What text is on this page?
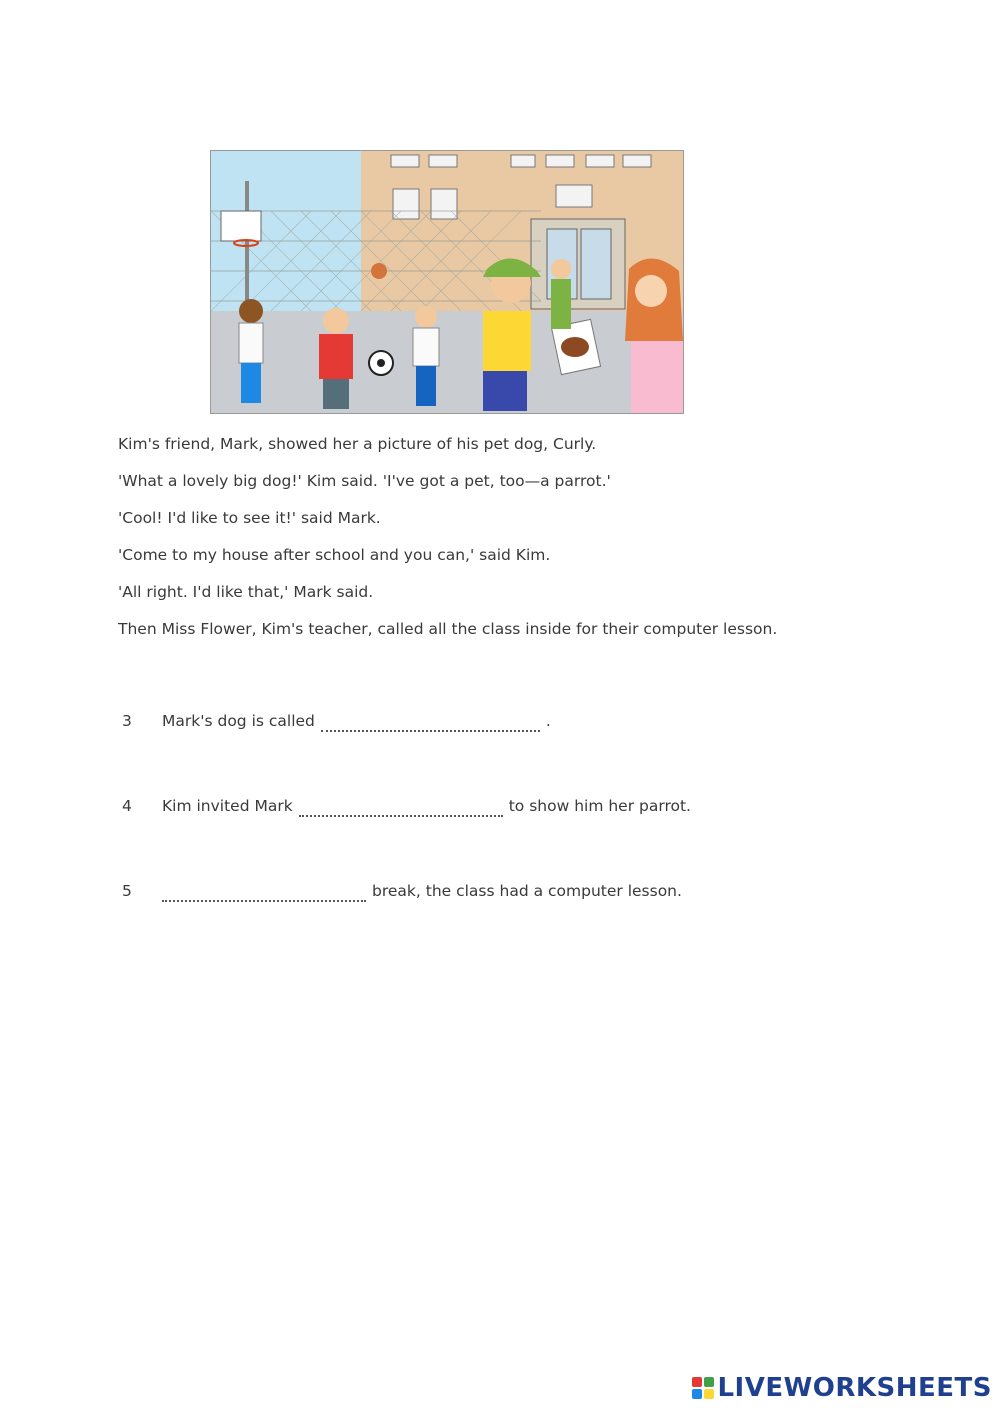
Kim's friend, Mark, showed her a picture of his pet dog, Curly.

'What a lovely big dog!' Kim said. 'I've got a pet, too—a parrot.'

'Cool! I'd like to see it!' said Mark.

'Come to my house after school and you can,' said Kim.

'All right. I'd like that,' Mark said.

Then Miss Flower, Kim's teacher, called all the class inside for their computer lesson.

3 Mark's dog is called	.
4 Kim invited Mark	to show him her parrot.
5	break, the class had a computer lesson.
LIVEWORKSHEETS
